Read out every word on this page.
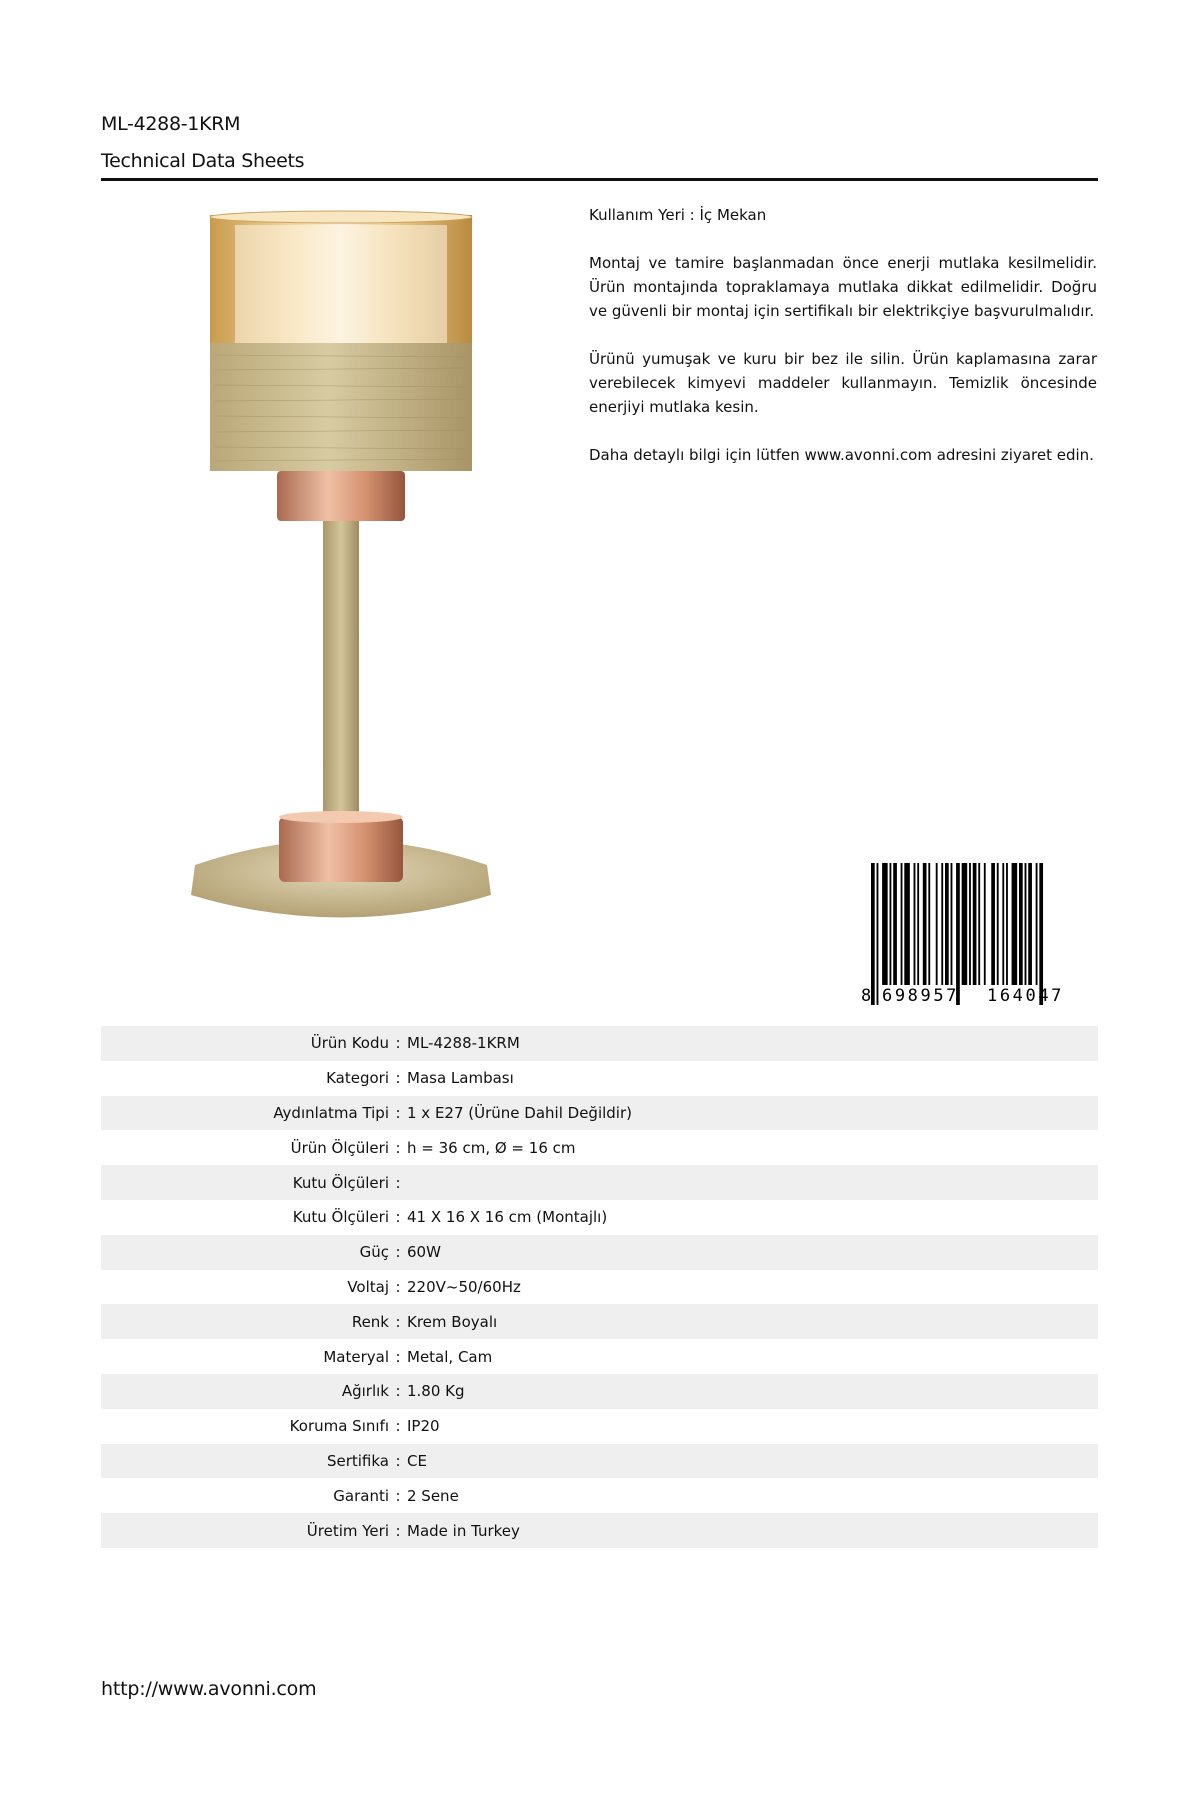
ML-4288-1KRM
Technical Data Sheets

Kullanım Yeri : İç Mekan

Montaj ve tamire başlanmadan önce enerji mutlaka kesilmelidir. Ürün montajında topraklamaya mutlaka dikkat edilmelidir. Doğru ve güvenli bir montaj için sertifikalı bir elektrikçiye başvurulmalıdır.

Ürünü yumuşak ve kuru bir bez ile silin. Ürün kaplamasına zarar verebilecek kimyevi maddeler kullanmayın. Temizlik öncesinde enerjiyi mutlaka kesin.

Daha detaylı bilgi için lütfen www.avonni.com adresini ziyaret edin.

8 698957 164047
Ürün Kodu : ML-4288-1KRM
Kategori : Masa Lambası
Aydınlatma Tipi : 1 x E27 (Ürüne Dahil Değildir)
Ürün Ölçüleri : h = 36 cm, Ø = 16 cm
Kutu Ölçüleri :
Kutu Ölçüleri : 41 X 16 X 16 cm (Montajlı)
Güç : 60W
Voltaj : 220V~50/60Hz
Renk : Krem Boyalı
Materyal : Metal, Cam
Ağırlık : 1.80 Kg
Koruma Sınıfı : IP20
Sertifika : CE
Garanti : 2 Sene
Üretim Yeri : Made in Turkey
http://www.avonni.com
